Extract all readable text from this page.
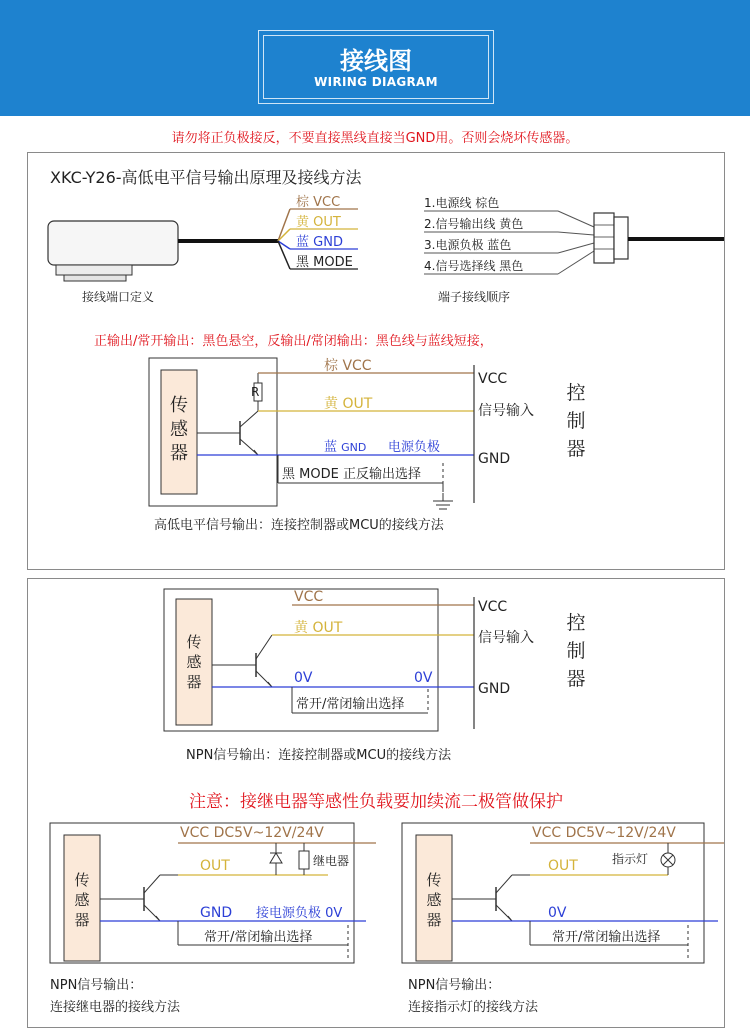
接线图
WIRING DIAGRAM
请勿将正负极接反，不要直接黑线直接当GND用。否则会烧坏传感器。
XKC-Y26-高低电平信号输出原理及接线方法
棕 VCC
黄 OUT
蓝 GND
黑 MODE
接线端口定义
1.电源线 棕色
2.信号输出线 黄色
3.电源负极 蓝色
4.信号选择线 黑色
端子接线顺序
正输出/常开输出：黑色悬空，反输出/常闭输出：黑色线与蓝线短接，
传
感
器
R
棕 VCC
黄 OUT
蓝 GND 电源负极
黑 MODE 正反输出选择
VCC
信号输入
GND
控
制
器
高低电平信号输出：连接控制器或MCU的接线方法
传
感
器
VCC
黄 OUT
0V	0V
常开/常闭输出选择
VCC
信号输入
GND
控
制
器
NPN信号输出：连接控制器或MCU的接线方法
注意：接继电器等感性负载要加续流二极管做保护
传
感
器
VCC DC5V~12V/24V
OUT	继电器
GND 接电源负极 0V
常开/常闭输出选择
NPN信号输出：
连接继电器的接线方法
传
感
器
VCC DC5V~12V/24V
OUT	指示灯
0V
常开/常闭输出选择
NPN信号输出：
连接指示灯的接线方法
